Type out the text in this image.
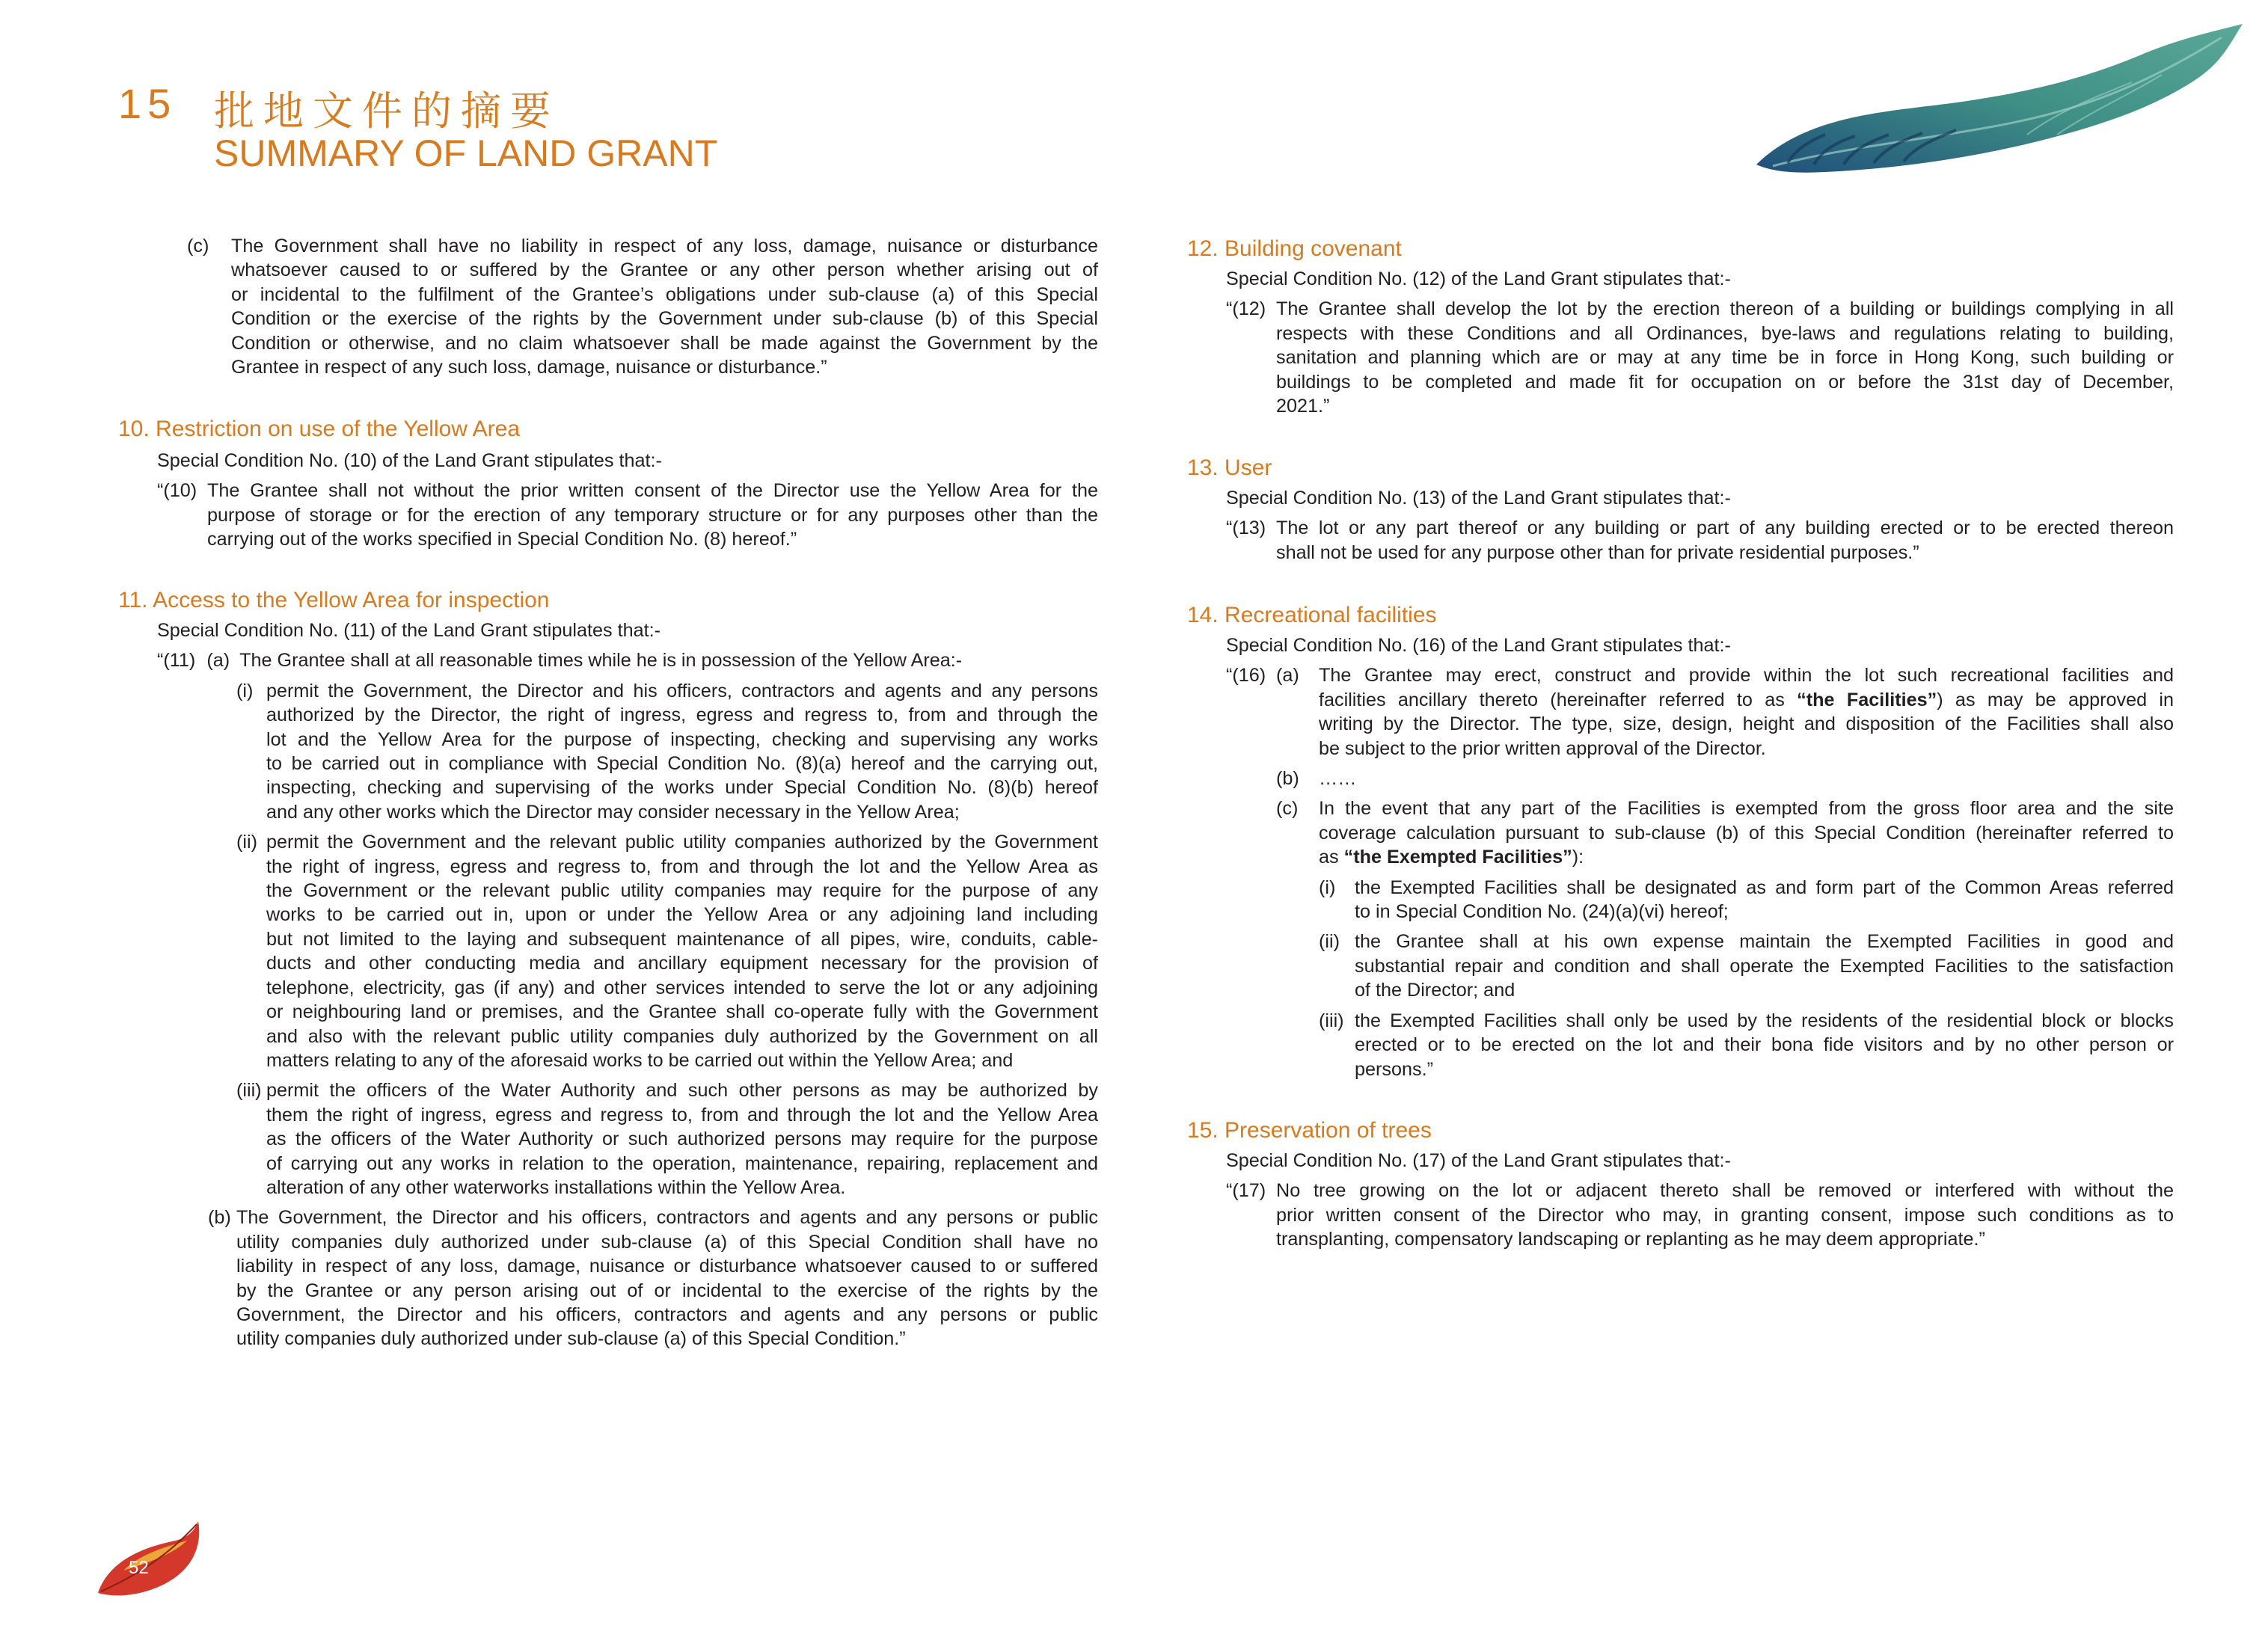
15 批地文件的摘要
SUMMARY OF LAND GRANT
52
(c) The Government shall have no liability in respect of any loss, damage, nuisance or disturbance
whatsoever caused to or suffered by the Grantee or any other person whether arising out of
or incidental to the fulfilment of the Grantee’s obligations under sub-clause (a) of this Special
Condition or the exercise of the rights by the Government under sub-clause (b) of this Special
Condition or otherwise, and no claim whatsoever shall be made against the Government by the
Grantee in respect of any such loss, damage, nuisance or disturbance.”

10. Restriction on use of the Yellow Area

Special Condition No. (10) of the Land Grant stipulates that:-

“(10) The Grantee shall not without the prior written consent of the Director use the Yellow Area for the
purpose of storage or for the erection of any temporary structure or for any purposes other than the
carrying out of the works specified in Special Condition No. (8) hereof.”

11. Access to the Yellow Area for inspection

Special Condition No. (11) of the Land Grant stipulates that:-

“(11) (a) The Grantee shall at all reasonable times while he is in possession of the Yellow Area:-
(i) permit the Government, the Director and his officers, contractors and agents and any persons
authorized by the Director, the right of ingress, egress and regress to, from and through the
lot and the Yellow Area for the purpose of inspecting, checking and supervising any works
to be carried out in compliance with Special Condition No. (8)(a) hereof and the carrying out,
inspecting, checking and supervising of the works under Special Condition No. (8)(b) hereof
and any other works which the Director may consider necessary in the Yellow Area;
(ii) permit the Government and the relevant public utility companies authorized by the Government
the right of ingress, egress and regress to, from and through the lot and the Yellow Area as
the Government or the relevant public utility companies may require for the purpose of any
works to be carried out in, upon or under the Yellow Area or any adjoining land including
but not limited to the laying and subsequent maintenance of all pipes, wire, conduits, cable-
ducts and other conducting media and ancillary equipment necessary for the provision of
telephone, electricity, gas (if any) and other services intended to serve the lot or any adjoining
or neighbouring land or premises, and the Grantee shall co-operate fully with the Government
and also with the relevant public utility companies duly authorized by the Government on all
matters relating to any of the aforesaid works to be carried out within the Yellow Area; and
(iii) permit the officers of the Water Authority and such other persons as may be authorized by
them the right of ingress, egress and regress to, from and through the lot and the Yellow Area
as the officers of the Water Authority or such authorized persons may require for the purpose
of carrying out any works in relation to the operation, maintenance, repairing, replacement and
alteration of any other waterworks installations within the Yellow Area.
(b) The Government, the Director and his officers, contractors and agents and any persons or public
utility companies duly authorized under sub-clause (a) of this Special Condition shall have no
liability in respect of any loss, damage, nuisance or disturbance whatsoever caused to or suffered
by the Grantee or any person arising out of or incidental to the exercise of the rights by the
Government, the Director and his officers, contractors and agents and any persons or public
utility companies duly authorized under sub-clause (a) of this Special Condition.”

12. Building covenant

Special Condition No. (12) of the Land Grant stipulates that:-

“(12) The Grantee shall develop the lot by the erection thereon of a building or buildings complying in all
respects with these Conditions and all Ordinances, bye-laws and regulations relating to building,
sanitation and planning which are or may at any time be in force in Hong Kong, such building or
buildings to be completed and made fit for occupation on or before the 31st day of December,
2021.”

13. User

Special Condition No. (13) of the Land Grant stipulates that:-

“(13) The lot or any part thereof or any building or part of any building erected or to be erected thereon
shall not be used for any purpose other than for private residential purposes.”

14. Recreational facilities

Special Condition No. (16) of the Land Grant stipulates that:-

“(16) (a) The Grantee may erect, construct and provide within the lot such recreational facilities and
facilities ancillary thereto (hereinafter referred to as “the Facilities”) as may be approved in
writing by the Director. The type, size, design, height and disposition of the Facilities shall also
be subject to the prior written approval of the Director.
(b) ……
(c) In the event that any part of the Facilities is exempted from the gross floor area and the site
coverage calculation pursuant to sub-clause (b) of this Special Condition (hereinafter referred to
as “the Exempted Facilities”):
(i) the Exempted Facilities shall be designated as and form part of the Common Areas referred
to in Special Condition No. (24)(a)(vi) hereof;
(ii) the Grantee shall at his own expense maintain the Exempted Facilities in good and
substantial repair and condition and shall operate the Exempted Facilities to the satisfaction
of the Director; and
(iii) the Exempted Facilities shall only be used by the residents of the residential block or blocks
erected or to be erected on the lot and their bona fide visitors and by no other person or
persons.”

15. Preservation of trees

Special Condition No. (17) of the Land Grant stipulates that:-

“(17) No tree growing on the lot or adjacent thereto shall be removed or interfered with without the
prior written consent of the Director who may, in granting consent, impose such conditions as to
transplanting, compensatory landscaping or replanting as he may deem appropriate.”
